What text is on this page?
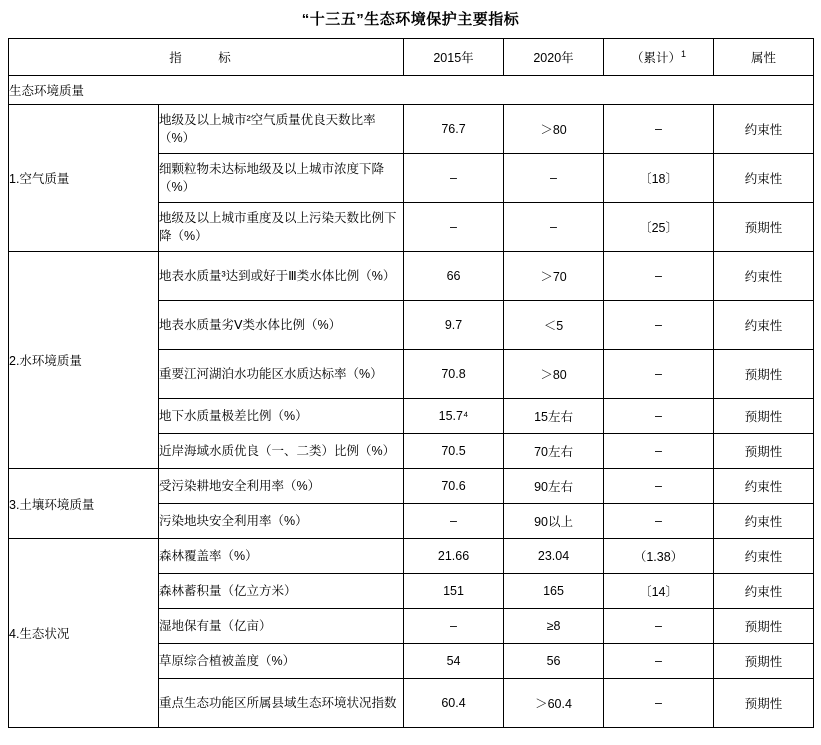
“十三五”生态环境保护主要指标
指　标		2015年	2020年	（累计）$^1$	属性
生态环境质量					
1.空气质量	地级及以上城市²空气质量优良天数比率（%）	76.7	＞80	–	约束性
	细颗粒物未达标地级及以上城市浓度下降（%）	–	–	〔18〕	约束性
	地级及以上城市重度及以上污染天数比例下降（%）	–	–	〔25〕	预期性
2.水环境质量	地表水质量³达到或好于Ⅲ类水体比例（%）	66	＞70	–	约束性
	地表水质量劣Ⅴ类水体比例（%）	9.7	＜5	–	约束性
	重要江河湖泊水功能区水质达标率（%）	70.8	＞80	–	预期性
	地下水质量极差比例（%）	15.7⁴	15左右	–	预期性
	近岸海域水质优良（一、二类）比例（%）	70.5	70左右	–	预期性
3.土壤环境质量	受污染耕地安全利用率（%）	70.6	90左右	–	约束性
	污染地块安全利用率（%）	–	90以上	–	约束性
4.生态状况	森林覆盖率（%）	21.66	23.04	（1.38）	约束性
	森林蓄积量（亿立方米）	151	165	〔14〕	约束性
	湿地保有量（亿亩）	–	≥8	–	预期性
	草原综合植被盖度（%）	54	56	–	预期性
	重点生态功能区所属县域生态环境状况指数	60.4	＞60.4	–	预期性
